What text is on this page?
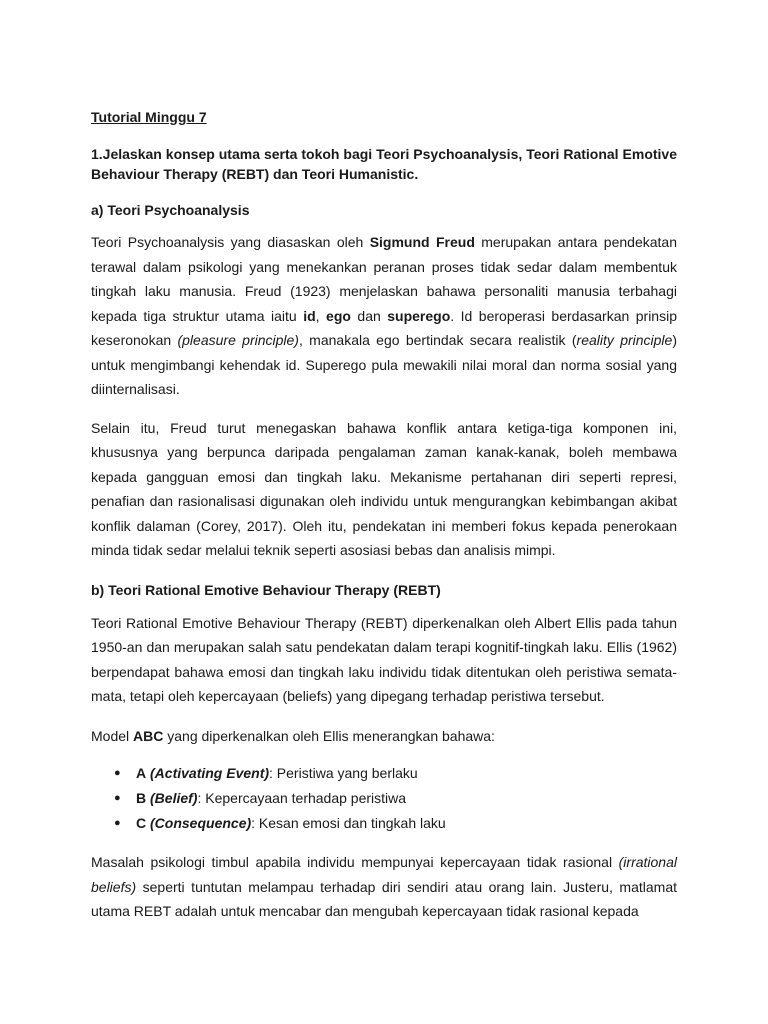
Tutorial Minggu 7

1.Jelaskan konsep utama serta tokoh bagi Teori Psychoanalysis, Teori Rational Emotive Behaviour Therapy (REBT) dan Teori Humanistic.

a) Teori Psychoanalysis

Teori Psychoanalysis yang diasaskan oleh Sigmund Freud merupakan antara pendekatan terawal dalam psikologi yang menekankan peranan proses tidak sedar dalam membentuk tingkah laku manusia. Freud (1923) menjelaskan bahawa personaliti manusia terbahagi kepada tiga struktur utama iaitu id, ego dan superego. Id beroperasi berdasarkan prinsip keseronokan (pleasure principle), manakala ego bertindak secara realistik (reality principle) untuk mengimbangi kehendak id. Superego pula mewakili nilai moral dan norma sosial yang diinternalisasi.

Selain itu, Freud turut menegaskan bahawa konflik antara ketiga-tiga komponen ini, khususnya yang berpunca daripada pengalaman zaman kanak-kanak, boleh membawa kepada gangguan emosi dan tingkah laku. Mekanisme pertahanan diri seperti represi, penafian dan rasionalisasi digunakan oleh individu untuk mengurangkan kebimbangan akibat konflik dalaman (Corey, 2017). Oleh itu, pendekatan ini memberi fokus kepada penerokaan minda tidak sedar melalui teknik seperti asosiasi bebas dan analisis mimpi.

b) Teori Rational Emotive Behaviour Therapy (REBT)

Teori Rational Emotive Behaviour Therapy (REBT) diperkenalkan oleh Albert Ellis pada tahun 1950-an dan merupakan salah satu pendekatan dalam terapi kognitif-tingkah laku. Ellis (1962) berpendapat bahawa emosi dan tingkah laku individu tidak ditentukan oleh peristiwa semata-mata, tetapi oleh kepercayaan (beliefs) yang dipegang terhadap peristiwa tersebut.

Model ABC yang diperkenalkan oleh Ellis menerangkan bahawa:

● A (Activating Event): Peristiwa yang berlaku
● B (Belief): Kepercayaan terhadap peristiwa
● C (Consequence): Kesan emosi dan tingkah laku

Masalah psikologi timbul apabila individu mempunyai kepercayaan tidak rasional (irrational beliefs) seperti tuntutan melampau terhadap diri sendiri atau orang lain. Justeru, matlamat utama REBT adalah untuk mencabar dan mengubah kepercayaan tidak rasional kepada
